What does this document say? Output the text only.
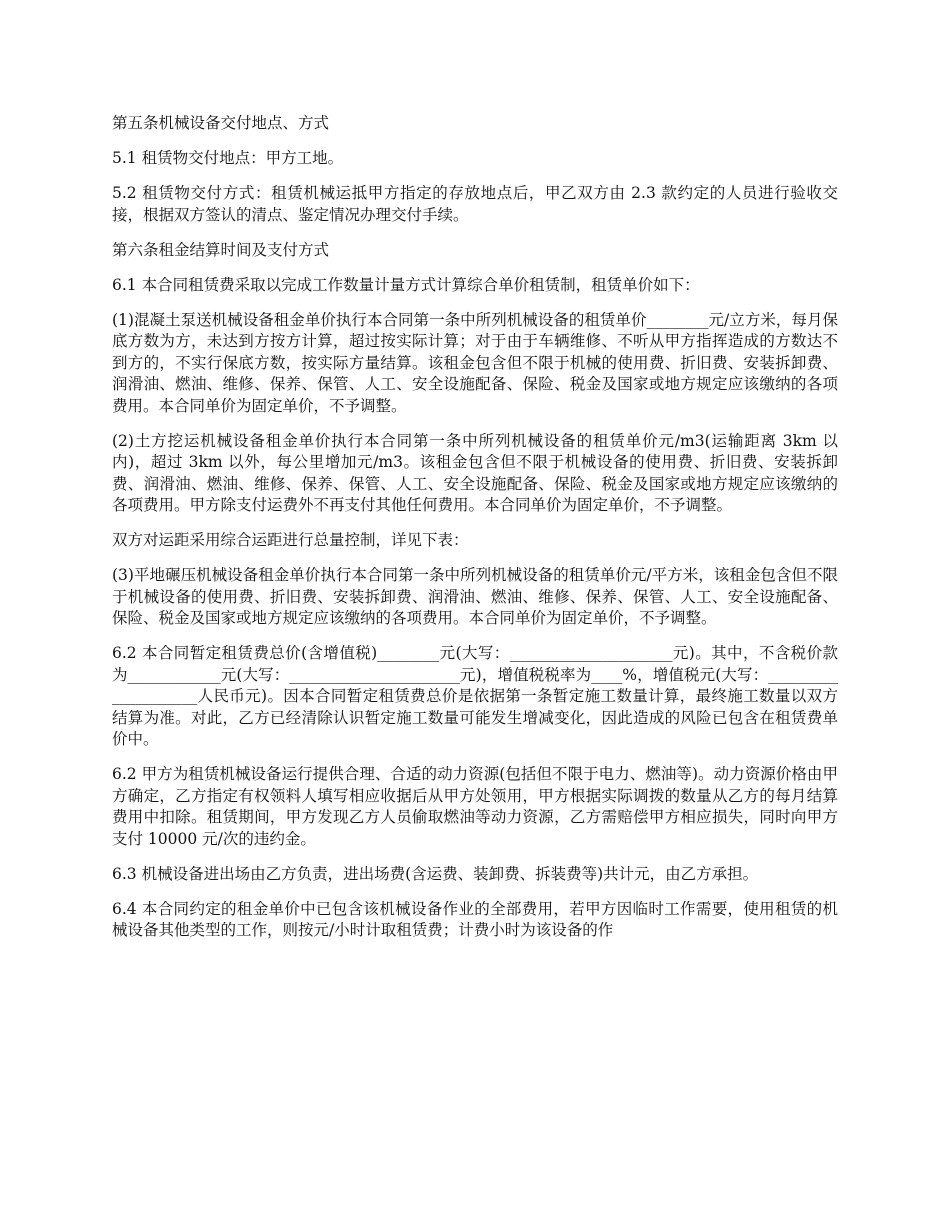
第五条机械设备交付地点、方式

5.1 租赁物交付地点：甲方工地。

5.2 租赁物交付方式：租赁机械运抵甲方指定的存放地点后，甲乙双方由 2.3 款约定的人员进行验收交接，根据双方签认的清点、鉴定情况办理交付手续。

第六条租金结算时间及支付方式

6.1 本合同租赁费采取以完成工作数量计量方式计算综合单价租赁制，租赁单价如下：

(1)混凝土泵送机械设备租金单价执行本合同第一条中所列机械设备的租赁单价________元/立方米，每月保底方数为方，未达到方按方计算，超过按实际计算；对于由于车辆维修、不听从甲方指挥造成的方数达不到方的，不实行保底方数，按实际方量结算。该租金包含但不限于机械的使用费、折旧费、安装拆卸费、润滑油、燃油、维修、保养、保管、人工、安全设施配备、保险、税金及国家或地方规定应该缴纳的各项费用。本合同单价为固定单价，不予调整。

(2)土方挖运机械设备租金单价执行本合同第一条中所列机械设备的租赁单价元/m3(运输距离 3km 以内)，超过 3km 以外，每公里增加元/m3。该租金包含但不限于机械设备的使用费、折旧费、安装拆卸费、润滑油、燃油、维修、保养、保管、人工、安全设施配备、保险、税金及国家或地方规定应该缴纳的各项费用。甲方除支付运费外不再支付其他任何费用。本合同单价为固定单价，不予调整。

双方对运距采用综合运距进行总量控制，详见下表：

(3)平地碾压机械设备租金单价执行本合同第一条中所列机械设备的租赁单价元/平方米，该租金包含但不限于机械设备的使用费、折旧费、安装拆卸费、润滑油、燃油、维修、保养、保管、人工、安全设施配备、保险、税金及国家或地方规定应该缴纳的各项费用。本合同单价为固定单价，不予调整。

6.2 本合同暂定租赁费总价(含增值税)________元(大写：_____________________元)。其中，不含税价款为____________元(大写：______________________元)，增值税税率为____%，增值税元(大写：____________________人民币元)。因本合同暂定租赁费总价是依据第一条暂定施工数量计算，最终施工数量以双方结算为准。对此，乙方已经清除认识暂定施工数量可能发生增减变化，因此造成的风险已包含在租赁费单价中。

6.2 甲方为租赁机械设备运行提供合理、合适的动力资源(包括但不限于电力、燃油等)。动力资源价格由甲方确定，乙方指定有权领料人填写相应收据后从甲方处领用，甲方根据实际调拨的数量从乙方的每月结算费用中扣除。租赁期间，甲方发现乙方人员偷取燃油等动力资源，乙方需赔偿甲方相应损失，同时向甲方支付 10000 元/次的违约金。

6.3 机械设备进出场由乙方负责，进出场费(含运费、装卸费、拆装费等)共计元，由乙方承担。

6.4 本合同约定的租金单价中已包含该机械设备作业的全部费用，若甲方因临时工作需要，使用租赁的机械设备其他类型的工作，则按元/小时计取租赁费；计费小时为该设备的作
